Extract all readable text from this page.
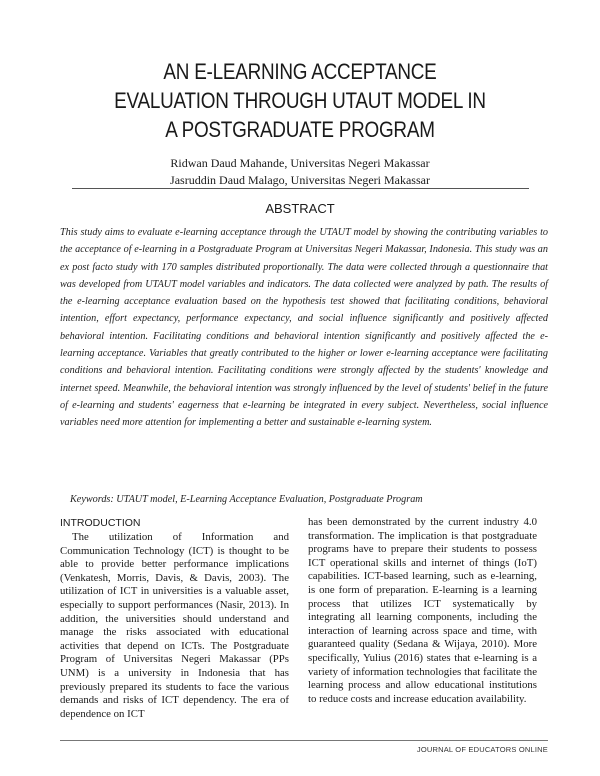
AN E-LEARNING ACCEPTANCE
EVALUATION THROUGH UTAUT MODEL IN
A POSTGRADUATE PROGRAM
Ridwan Daud Mahande, Universitas Negeri Makassar
Jasruddin Daud Malago, Universitas Negeri Makassar
ABSTRACT
This study aims to evaluate e-learning acceptance through the UTAUT model by showing the contributing variables to the acceptance of e-learning in a Postgraduate Program at Universitas Negeri Makassar, Indonesia. This study was an ex post facto study with 170 samples distributed proportionally. The data were collected through a questionnaire that was developed from UTAUT model variables and indicators. The data collected were analyzed by path. The results of the e-learning acceptance evaluation based on the hypothesis test showed that facilitating conditions, behavioral intention, effort expectancy, performance expectancy, and social influence significantly and positively affected behavioral intention. Facilitating conditions and behavioral intention significantly and positively affected the e-learning acceptance. Variables that greatly contributed to the higher or lower e-learning acceptance were facilitating conditions and behavioral intention. Facilitating conditions were strongly affected by the students' knowledge and internet speed. Meanwhile, the behavioral intention was strongly influenced by the level of students' belief in the future of e-learning and students' eagerness that e-learning be integrated in every subject. Nevertheless, social influence variables need more attention for implementing a better and sustainable e-learning system.
Keywords: UTAUT model, E-Learning Acceptance Evaluation, Postgraduate Program
INTRODUCTION

The utilization of Information and Communication Technology (ICT) is thought to be able to provide better performance implications (Venkatesh, Morris, Davis, & Davis, 2003). The utilization of ICT in universities is a valuable asset, especially to support performances (Nasir, 2013). In addition, the universities should understand and manage the risks associated with educational activities that depend on ICTs. The Postgraduate Program of Universitas Negeri Makassar (PPs UNM) is a university in Indonesia that has previously prepared its students to face the various demands and risks of ICT dependency. The era of dependence on ICT

has been demonstrated by the current industry 4.0 transformation. The implication is that postgraduate programs have to prepare their students to possess ICT operational skills and internet of things (IoT) capabilities. ICT-based learning, such as e-learning, is one form of preparation. E-learning is a learning process that utilizes ICT systematically by integrating all learning components, including the interaction of learning across space and time, with guaranteed quality (Sedana & Wijaya, 2010). More specifically, Yulius (2016) states that e-learning is a variety of information technologies that facilitate the learning process and allow educational institutions to reduce costs and increase education availability.

JOURNAL OF EDUCATORS ONLINE
